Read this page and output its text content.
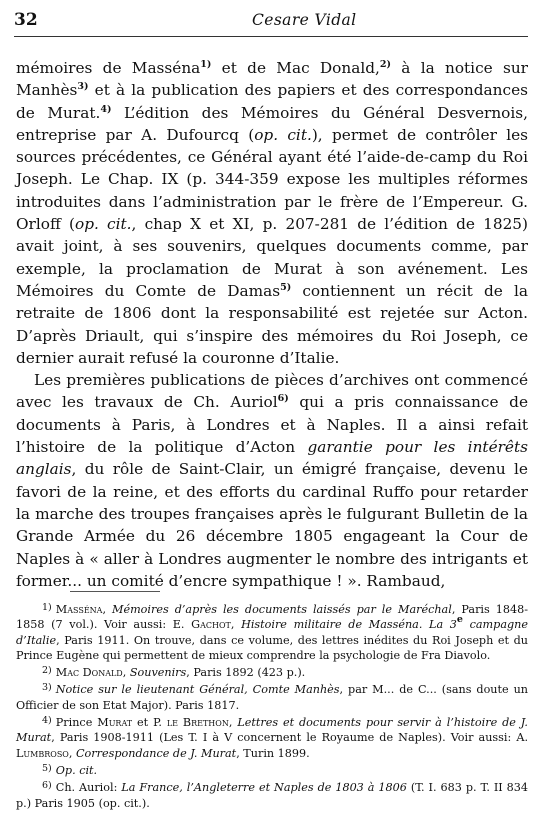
32	Cesare Vidal

mémoires de Masséna$^{1)}$ et de Mac Donald,$^{2)}$ à la notice sur Manhès$^{3)}$ et à la publication des papiers et des correspondances de Murat.$^{4)}$ L’édition des Mémoires du Général Desvernois, entreprise par A. Dufourcq (op. cit.), permet de contrôler les sources précédentes, ce Général ayant été l’aide-de-camp du Roi Joseph. Le Chap. IX (p. 344-359 expose les multiples réformes introduites dans l’administration par le frère de l’Empereur. G. Orloff (op. cit., chap X et XI, p. 207-281 de l’édition de 1825) avait joint, à ses souvenirs, quelques documents comme, par exemple, la proclamation de Murat à son avénement. Les Mémoires du Comte de Damas$^{5)}$ contiennent un récit de la retraite de 1806 dont la responsabilité est rejetée sur Acton. D’après Driault, qui s’inspire des mémoires du Roi Joseph, ce dernier aurait refusé la couronne d’Italie.

Les premières publications de pièces d’archives ont commencé avec les travaux de Ch. Auriol$^{6)}$ qui a pris connaissance de documents à Paris, à Londres et à Naples. Il a ainsi refait l’histoire de la politique d’Acton garantie pour les intérêts anglais, du rôle de Saint-Clair, un émigré française, devenu le favori de la reine, et des efforts du cardinal Ruffo pour retarder la marche des troupes françaises après le fulgurant Bulletin de la Grande Armée du 26 décembre 1805 engageant la Cour de Naples à « aller à Londres augmenter le nombre des intrigants et former... un comité d’encre sympathique ! ». Rambaud,

$^{1)}$ Masséna, Mémoires d’après les documents laissés par le Maréchal, Paris 1848-1858 (7 vol.). Voir aussi: E. Gachot, Histoire militaire de Masséna. La 3e campagne d’Italie, Paris 1911. On trouve, dans ce volume, des lettres inédites du Roi Joseph et du Prince Eugène qui permettent de mieux comprendre la psychologie de Fra Diavolo.

$^{2)}$ Mac Donald, Souvenirs, Paris 1892 (423 p.).

$^{3)}$ Notice sur le lieutenant Général, Comte Manhès, par M... de C... (sans doute un Officier de son Etat Major). Paris 1817.

$^{4)}$ Prince Murat et P. le Brethon, Lettres et documents pour servir à l’histoire de J. Murat, Paris 1908-1911 (Les T. I à V concernent le Royaume de Naples). Voir aussi: A. Lumbroso, Correspondance de J. Murat, Turin 1899.

$^{5)}$ Op. cit.

$^{6)}$ Ch. Auriol: La France, l’Angleterre et Naples de 1803 à 1806 (T. I. 683 p. T. II 834 p.) Paris 1905 (op. cit.).
